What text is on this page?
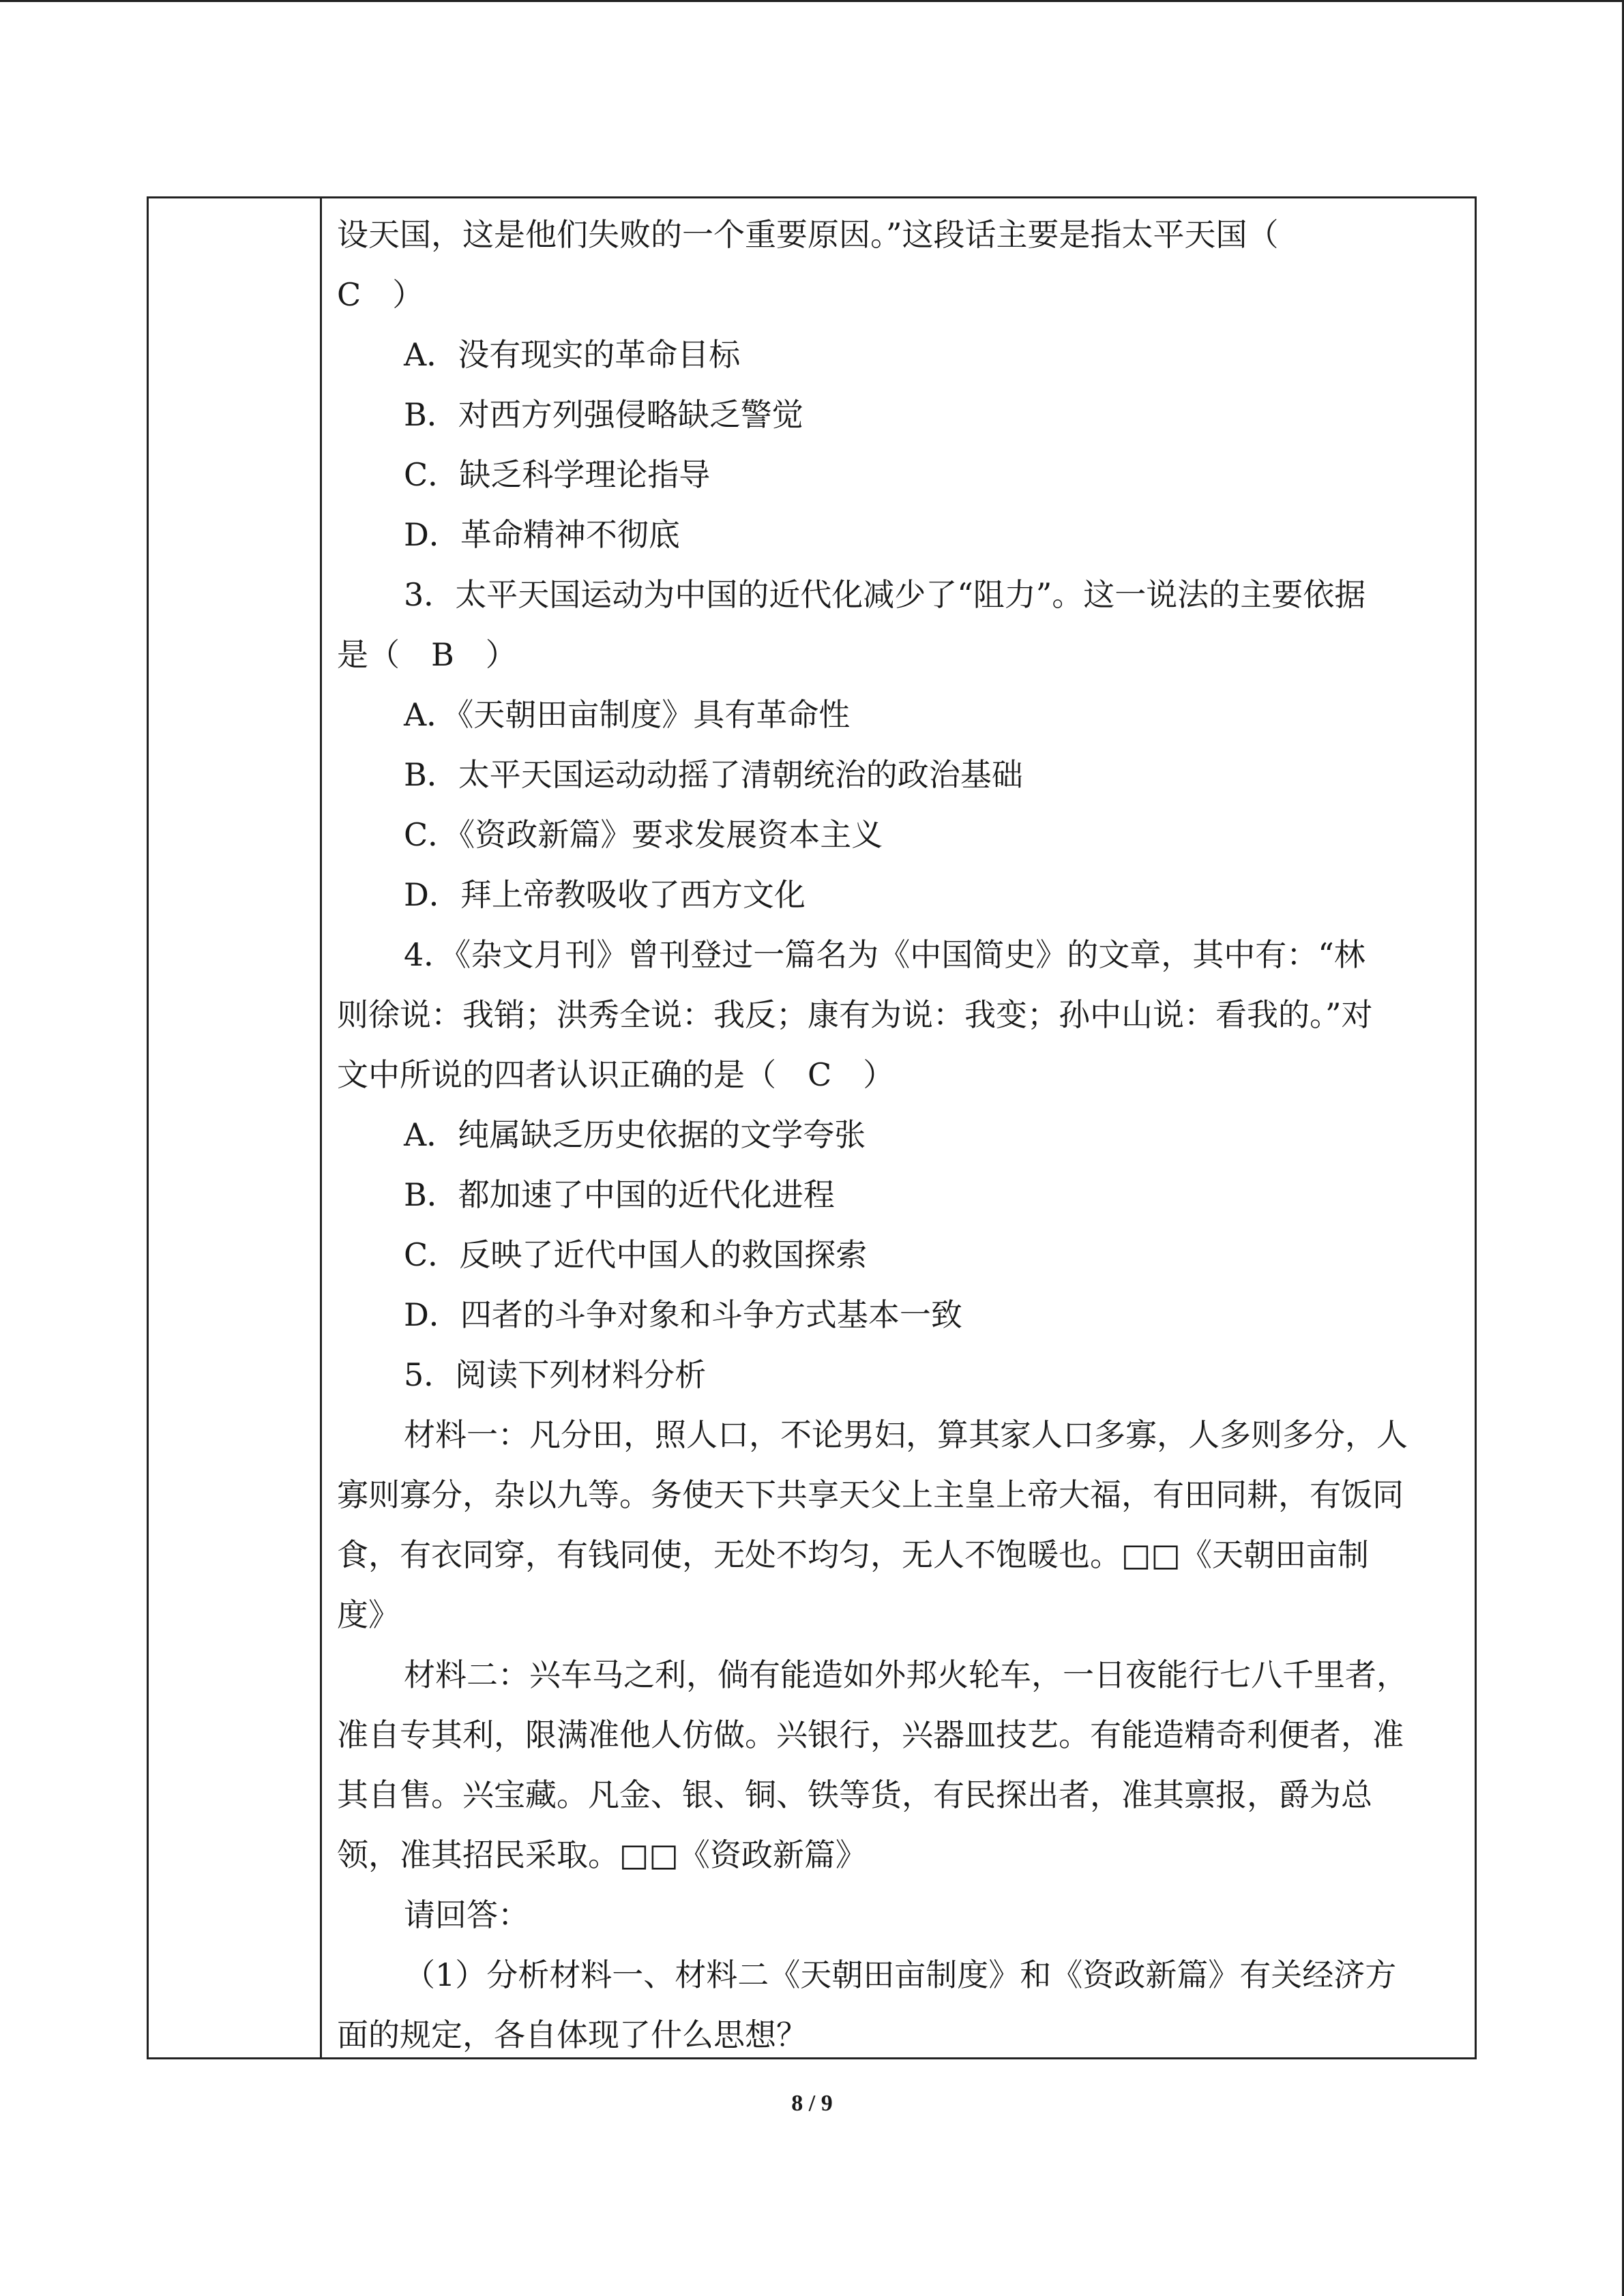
设天国，这是他们失败的一个重要原因。”这段话主要是指太平天国（
C　）
A．没有现实的革命目标
B．对西方列强侵略缺乏警觉
C．缺乏科学理论指导
D．革命精神不彻底
3．太平天国运动为中国的近代化减少了“阻力”。这一说法的主要依据
是（　B　）
A．《天朝田亩制度》具有革命性
B．太平天国运动动摇了清朝统治的政治基础
C．《资政新篇》要求发展资本主义
D．拜上帝教吸收了西方文化
4．《杂文月刊》曾刊登过一篇名为《中国简史》的文章，其中有：“林
则徐说：我销；洪秀全说：我反；康有为说：我变；孙中山说：看我的。”对
文中所说的四者认识正确的是（　C　）
A．纯属缺乏历史依据的文学夸张
B．都加速了中国的近代化进程
C．反映了近代中国人的救国探索
D．四者的斗争对象和斗争方式基本一致
5．阅读下列材料分析
材料一：凡分田，照人口，不论男妇，算其家人口多寡，人多则多分，人
寡则寡分，杂以九等。务使天下共享天父上主皇上帝大福，有田同耕，有饭同
食，有衣同穿，有钱同使，无处不均匀，无人不饱暖也。□□《天朝田亩制
度》
材料二：兴车马之利，倘有能造如外邦火轮车，一日夜能行七八千里者，
准自专其利，限满准他人仿做。兴银行，兴器皿技艺。有能造精奇利便者，准
其自售。兴宝藏。凡金、银、铜、铁等货，有民探出者，准其禀报，爵为总
领，准其招民采取。□□《资政新篇》
请回答：
（1）分析材料一、材料二《天朝田亩制度》和《资政新篇》有关经济方
面的规定，各自体现了什么思想？
8 / 9
